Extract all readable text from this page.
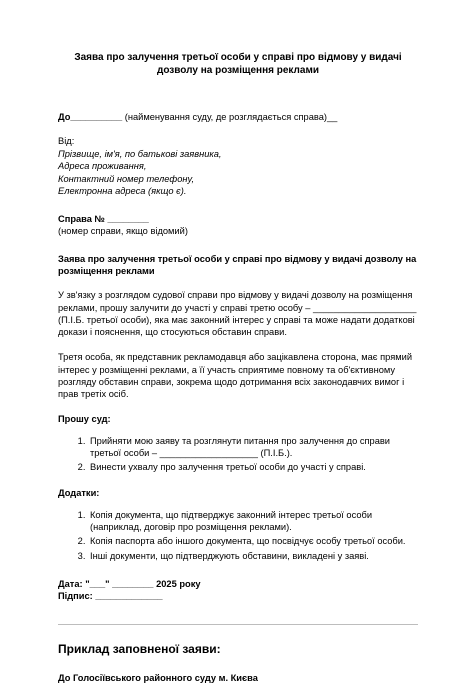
Заява про залучення третьої особи у справі про відмову у видачі дозволу на розміщення реклами
До__________ (найменування суду, де розглядається справа)__

Від:

Прізвище, ім'я, по батькові заявника,

Адреса проживання,

Контактний номер телефону,

Електронна адреса (якщо є).

Справа № ________

(номер справи, якщо відомий)

Заява про залучення третьої особи у справі про відмову у видачі дозволу на розміщення реклами

У зв'язку з розглядом судової справи про відмову у видачі дозволу на розміщення реклами, прошу залучити до участі у справі третю особу – ____________________ (П.І.Б. третьої особи), яка має законний інтерес у справі та може надати додаткові докази і пояснення, що стосуються обставин справи.

Третя особа, як представник рекламодавця або зацікавлена сторона, має прямий інтерес у розміщенні реклами, а її участь сприятиме повному та об'єктивному розгляду обставин справи, зокрема щодо дотримання всіх законодавчих вимог і прав третіх осіб.

Прошу суд:
1. Прийняти мою заяву та розглянути питання про залучення до справи третьої особи – ___________________ (П.І.Б.).
2. Винести ухвалу про залучення третьої особи до участі у справі.
Додатки:
1. Копія документа, що підтверджує законний інтерес третьої особи (наприклад, договір про розміщення реклами).
2. Копія паспорта або іншого документа, що посвідчує особу третьої особи.
3. Інші документи, що підтверджують обставини, викладені у заяві.

Дата: "___" ________ 2025 року

Підпис: _____________

Приклад заповненої заяви:
До Голосіївського районного суду м. Києва
